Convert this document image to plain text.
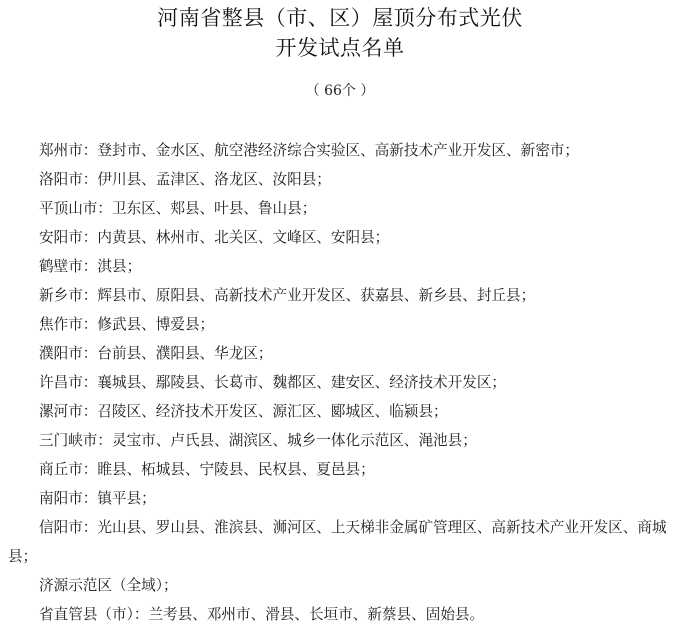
河南省整县（市、区）屋顶分布式光伏
开发试点名单
（ 66个 ）

郑州市：登封市、金水区、航空港经济综合实验区、高新技术产业开发区、新密市；

洛阳市：伊川县、孟津区、洛龙区、汝阳县；

平顶山市：卫东区、郏县、叶县、鲁山县；

安阳市：内黄县、林州市、北关区、文峰区、安阳县；

鹤壁市：淇县；

新乡市：辉县市、原阳县、高新技术产业开发区、获嘉县、新乡县、封丘县；

焦作市：修武县、博爱县；

濮阳市：台前县、濮阳县、华龙区；

许昌市：襄城县、鄢陵县、长葛市、魏都区、建安区、经济技术开发区；

漯河市：召陵区、经济技术开发区、源汇区、郾城区、临颍县；

三门峡市：灵宝市、卢氏县、湖滨区、城乡一体化示范区、渑池县；

商丘市：睢县、柘城县、宁陵县、民权县、夏邑县；

南阳市：镇平县；

信阳市：光山县、罗山县、淮滨县、浉河区、上天梯非金属矿管理区、高新技术产业开发区、商城县；

济源示范区（全域）；

省直管县（市）：兰考县、邓州市、滑县、长垣市、新蔡县、固始县。
